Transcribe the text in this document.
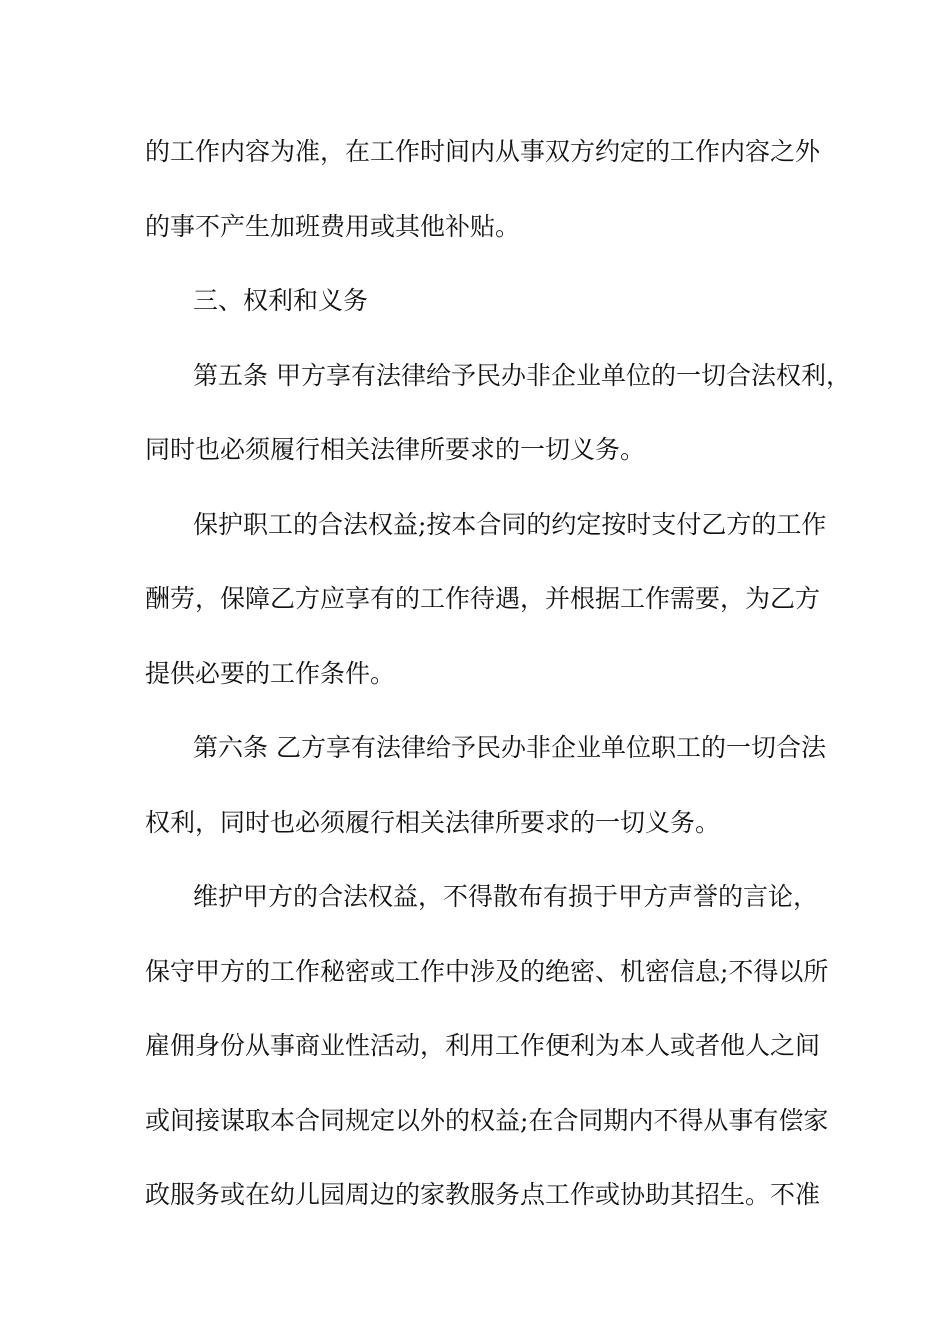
的工作内容为准，在工作时间内从事双方约定的工作内容之外

的事不产生加班费用或其他补贴。

三、权利和义务

第五条 甲方享有法律给予民办非企业单位的一切合法权利，

同时也必须履行相关法律所要求的一切义务。

保护职工的合法权益;按本合同的约定按时支付乙方的工作

酬劳，保障乙方应享有的工作待遇，并根据工作需要，为乙方

提供必要的工作条件。

第六条 乙方享有法律给予民办非企业单位职工的一切合法

权利，同时也必须履行相关法律所要求的一切义务。

维护甲方的合法权益，不得散布有损于甲方声誉的言论，

保守甲方的工作秘密或工作中涉及的绝密、机密信息;不得以所

雇佣身份从事商业性活动，利用工作便利为本人或者他人之间

或间接谋取本合同规定以外的权益;在合同期内不得从事有偿家

政服务或在幼儿园周边的家教服务点工作或协助其招生。不准
